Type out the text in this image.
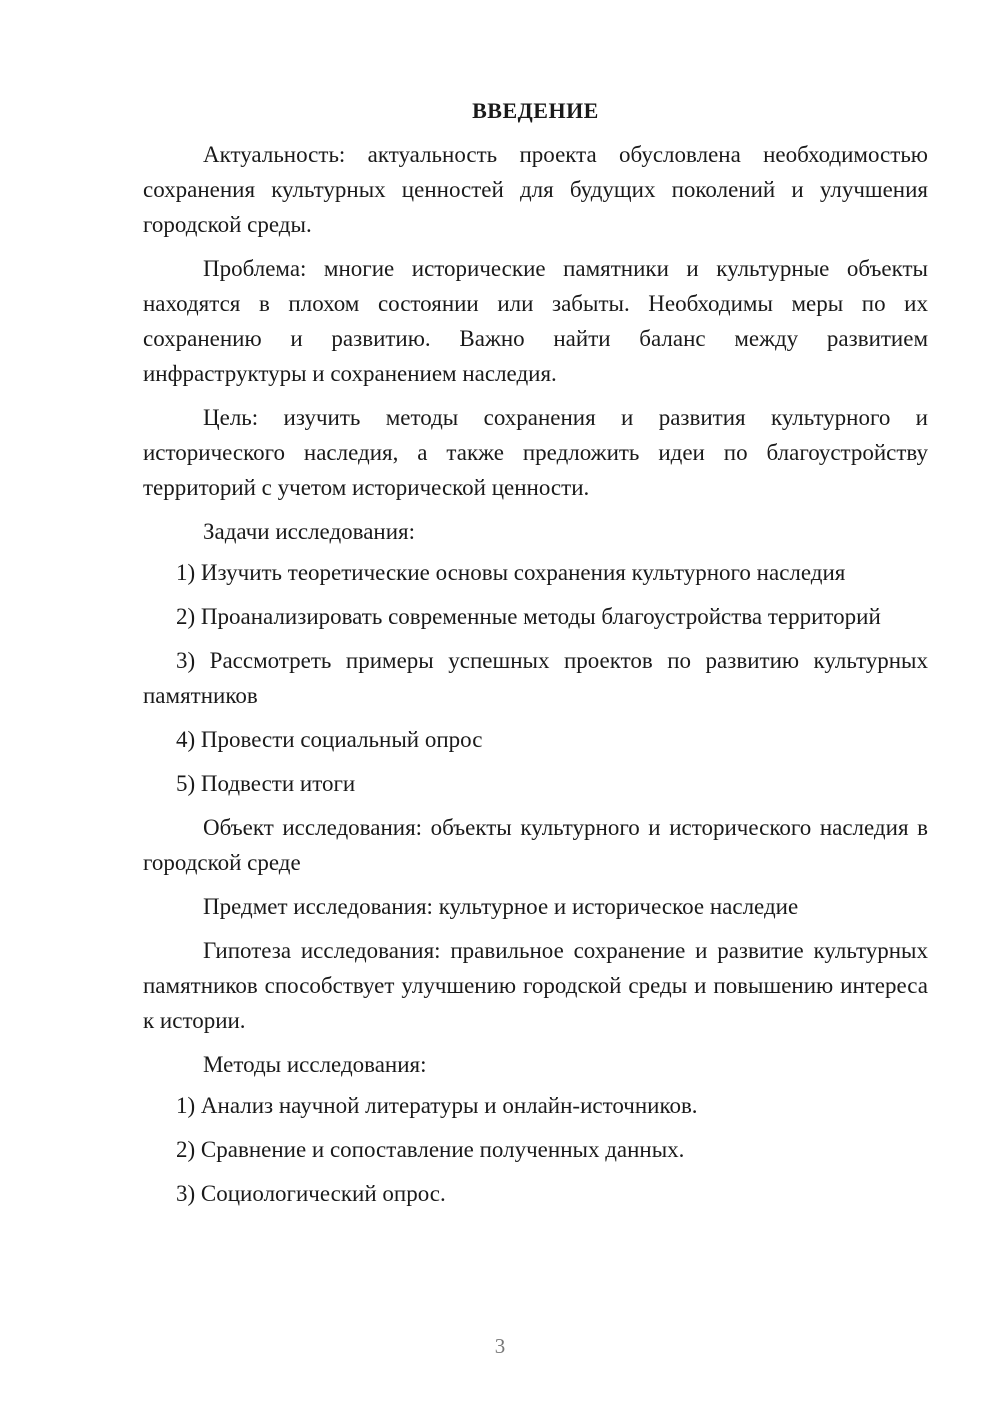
ВВЕДЕНИЕ

Актуальность: актуальность проекта обусловлена необходимостью сохранения культурных ценностей для будущих поколений и улучшения городской среды.

Проблема: многие исторические памятники и культурные объекты находятся в плохом состоянии или забыты. Необходимы меры по их сохранению и развитию. Важно найти баланс между развитием инфраструктуры и сохранением наследия.

Цель: изучить методы сохранения и развития культурного и исторического наследия, а также предложить идеи по благоустройству территорий с учетом исторической ценности.

Задачи исследования:

1) Изучить теоретические основы сохранения культурного наследия

2) Проанализировать современные методы благоустройства территорий

3) Рассмотреть примеры успешных проектов по развитию культурных памятников

4) Провести социальный опрос

5) Подвести итоги

Объект исследования: объекты культурного и исторического наследия в городской среде

Предмет исследования: культурное и историческое наследие

Гипотеза исследования: правильное сохранение и развитие культурных памятников способствует улучшению городской среды и повышению интереса к истории.

Методы исследования:

1) Анализ научной литературы и онлайн-источников.

2) Сравнение и сопоставление полученных данных.

3) Социологический опрос.

3
